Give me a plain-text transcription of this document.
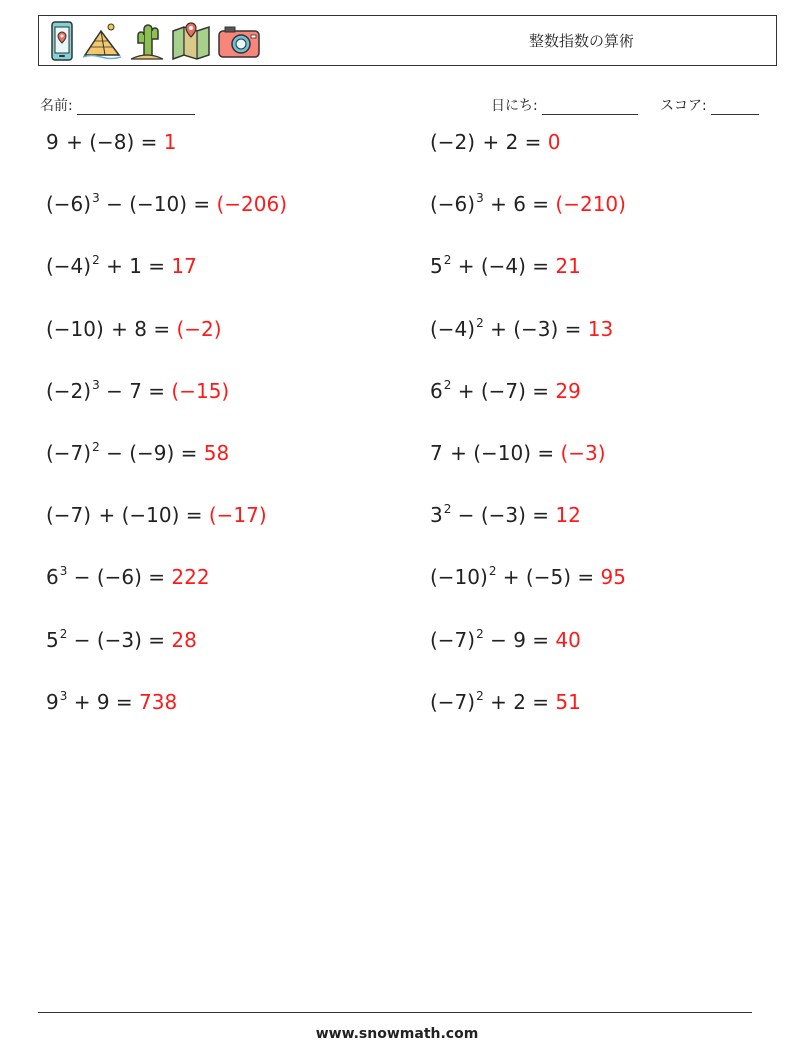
整数指数の算術
名前:	日にち:	スコア:
9 + (−8) = 1	(−2) + 2 = 0
$(-6)^3 - (-10) = (-206)$	$(-6)^3 + 6 = (-210)$
$(-4)^2 + 1 = 17$	$5^2 + (-4) = 21$
(−10) + 8 = (−2)	$(-4)^2 + (-3) = 13$
$(-2)^3 - 7 = (-15)$	$6^2 + (-7) = 29$
$(-7)^2 - (-9) = 58$	7 + (−10) = (−3)
(−7) + (−10) = (−17)	$3^2 - (-3) = 12$
$6^3 - (-6) = 222$	$(-10)^2 + (-5) = 95$
$5^2 - (-3) = 28$	$(-7)^2 - 9 = 40$
$9^3 + 9 = 738$	$(-7)^2 + 2 = 51$
www.snowmath.com
